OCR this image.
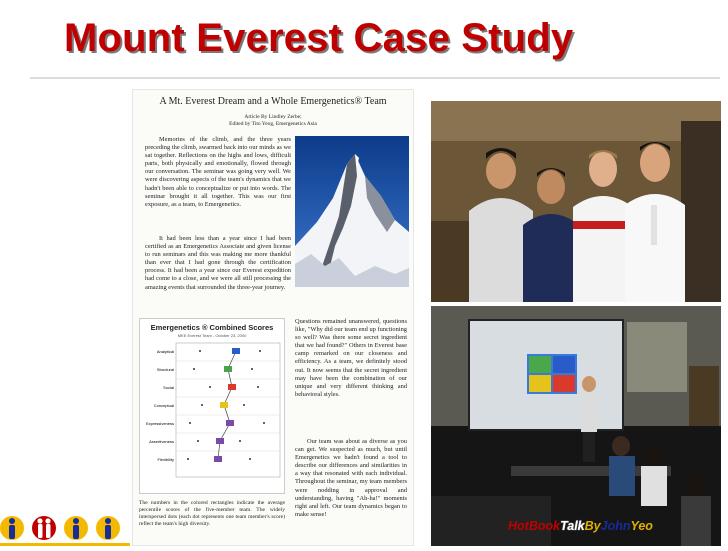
Mount Everest Case Study
A Mt. Everest Dream and a Whole Emergenetics® Team
Article By Lindley Zerbe;
Edited by Tito Yeog, Emergenetics Asia
Memories of the climb, and the three years preceding the climb, swarmed back into our minds as we sat together. Reflections on the highs and lows, difficult parts, both physically and emotionally, flowed through our conversation. The seminar was going very well. We were discovering aspects of the team's dynamics that we hadn't been able to conceptualize or put into words. The seminar brought it all together. This was our first exposure, as a team, to Emergenetics.
It had been less than a year since I had been certified as an Emergenetics Associate and given license to run seminars and this was making me more thankful than ever that I had gone through the certification process. It had been a year since our Everest expedition had come to a close, and we were all still processing the amazing events that surrounded the three-year journey.
Emergenetics ® Combined Scores
MEE Everest Team - October 23, 2000
Analytical
Structural
Social
Conceptual
Expressiveness
Assertiveness
Flexibility
Questions remained unanswered, questions like, "Why did our team end up functioning so well? Was there some secret ingredient that we had found?" Others in Everest base camp remarked on our closeness and efficiency. As a team, we definitely stood out. It now seems that the secret ingredient may have been the combination of our unique and very different thinking and behavioral styles.
Our team was about as diverse as you can get. We suspected as much, but until Emergenetics we hadn't found a tool to describe our differences and similarities in a way that resonated with each individual. Throughout the seminar, my team members were nodding in approval and understanding, having "Ah-ha!" moments right and left. Our team dynamics began to make sense!
The numbers in the colored rectangles indicate the average percentile scores of the five-member team. The widely interspersed dots (each dot represents one team member's score) reflect the team's high diversity.	HotBookTalkByJohnYeo
